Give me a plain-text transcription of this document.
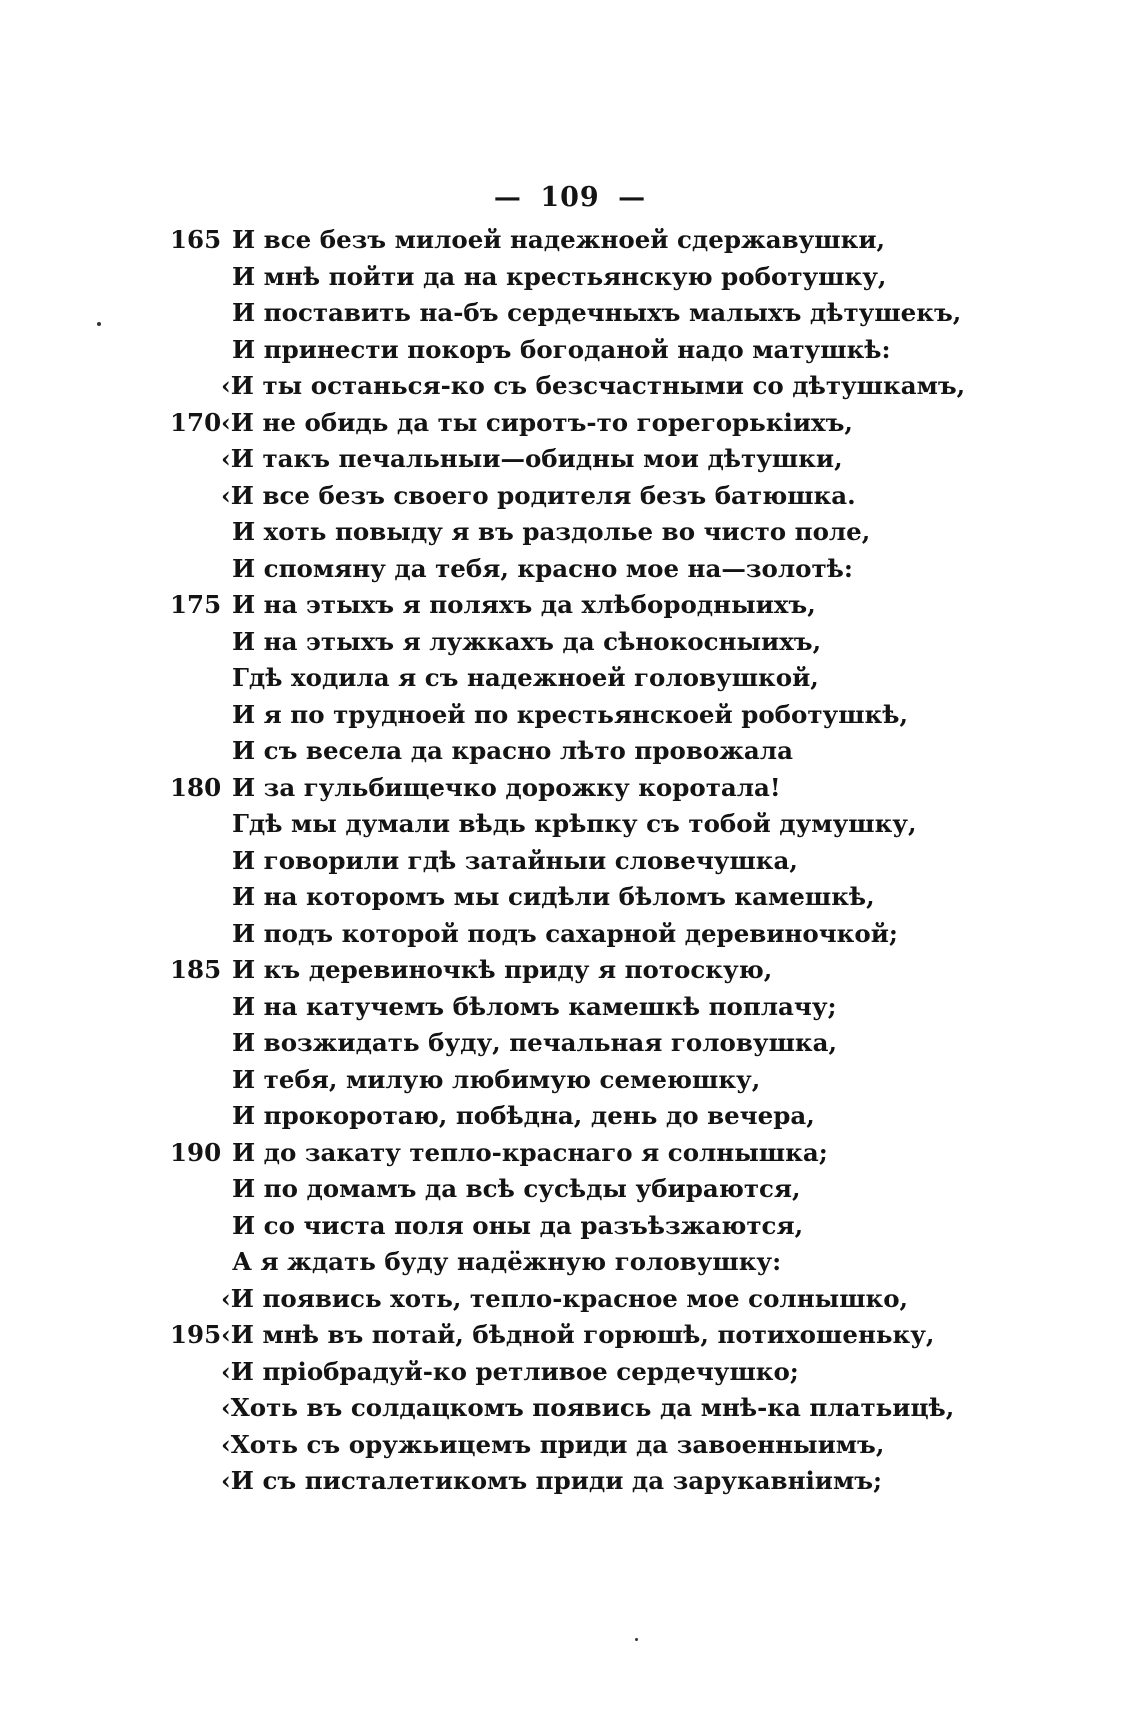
— 109 —
165 И все безъ милоей надежноей сдержавушки,
И мнѣ пойти да на крестьянскую роботушку,
И поставить на-бъ сердечныхъ малыхъ дѣтушекъ,
И принести покоръ богоданой надо матушкѣ:
‹И ты останься-ко съ безсчастными со дѣтушкамъ,
170 ‹И не обидь да ты сиротъ-то горегорькіихъ,
‹И такъ печальныи—обидны мои дѣтушки,
‹И все безъ своего родителя безъ батюшка.
И хоть повыду я въ раздолье во чисто поле,
И спомяну да тебя, красно мое на—золотѣ:
175 И на этыхъ я поляхъ да хлѣбородныихъ,
И на этыхъ я лужкахъ да сѣнокосныихъ,
Гдѣ ходила я съ надежноей головушкой,
И я по трудноей по крестьянскоей роботушкѣ,
И съ весела да красно лѣто провожала
180 И за гульбищечко дорожку коротала!
Гдѣ мы думали вѣдь крѣпку съ тобой думушку,
И говорили гдѣ затайныи словечушка,
И на которомъ мы сидѣли бѣломъ камешкѣ,
И подъ которой подъ сахарной деревиночкой;
185 И къ деревиночкѣ приду я потоскую,
И на катучемъ бѣломъ камешкѣ поплачу;
И возжидать буду, печальная головушка,
И тебя, милую любимую семеюшку,
И прокоротаю, побѣдна, день до вечера,
190 И до закату тепло-краснаго я солнышка;
И по домамъ да всѣ сусѣды убираются,
И со чиста поля оны да разъѣзжаются,
А я ждать буду надёжную головушку:
‹И появись хоть, тепло-красное мое солнышко,
195 ‹И мнѣ въ потай, бѣдной горюшѣ, потихошеньку,
‹И пріобрадуй-ко ретливое сердечушко;
‹Хоть въ солдацкомъ появись да мнѣ-ка платьицѣ,
‹Хоть съ оружьицемъ приди да завоенныимъ,
‹И съ писталетикомъ приди да зарукавніимъ;
